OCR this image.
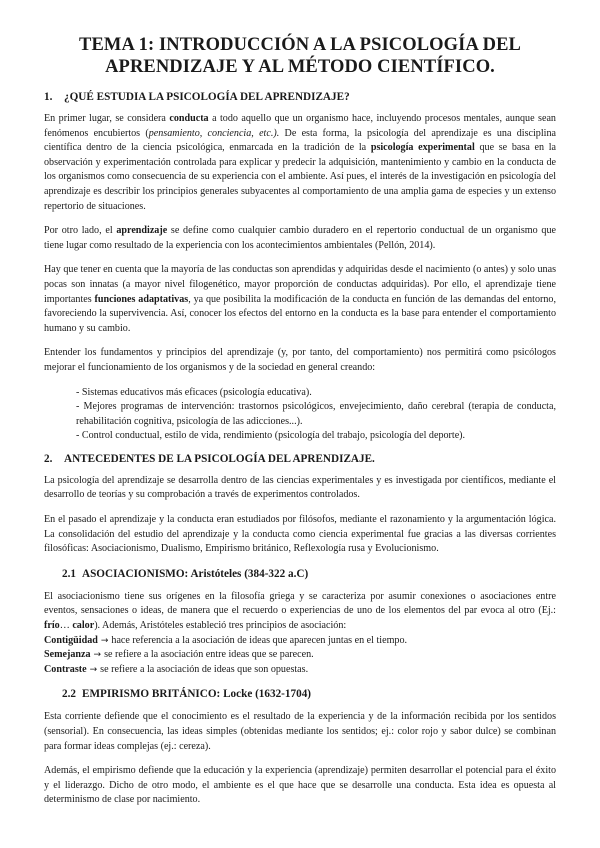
TEMA 1: INTRODUCCIÓN A LA PSICOLOGÍA DEL
APRENDIZAJE Y AL MÉTODO CIENTÍFICO.
1. ¿QUÉ ESTUDIA LA PSICOLOGÍA DEL APRENDIZAJE?

En primer lugar, se considera conducta a todo aquello que un organismo hace, incluyendo procesos mentales, aunque sean fenómenos encubiertos (pensamiento, conciencia, etc.). De esta forma, la psicología del aprendizaje es una disciplina científica dentro de la ciencia psicológica, enmarcada en la tradición de la psicología experimental que se basa en la observación y experimentación controlada para explicar y predecir la adquisición, mantenimiento y cambio en la conducta de los organismos como consecuencia de su experiencia con el ambiente. Así pues, el interés de la investigación en psicología del aprendizaje es describir los principios generales subyacentes al comportamiento de una amplia gama de especies y un extenso repertorio de situaciones.

Por otro lado, el aprendizaje se define como cualquier cambio duradero en el repertorio conductual de un organismo que tiene lugar como resultado de la experiencia con los acontecimientos ambientales (Pellón, 2014).

Hay que tener en cuenta que la mayoría de las conductas son aprendidas y adquiridas desde el nacimiento (o antes) y solo unas pocas son innatas (a mayor nivel filogenético, mayor proporción de conductas adquiridas). Por ello, el aprendizaje tiene importantes funciones adaptativas, ya que posibilita la modificación de la conducta en función de las demandas del entorno, favoreciendo la supervivencia. Así, conocer los efectos del entorno en la conducta es la base para entender el comportamiento humano y su cambio.

Entender los fundamentos y principios del aprendizaje (y, por tanto, del comportamiento) nos permitirá como psicólogos mejorar el funcionamiento de los organismos y de la sociedad en general creando:

- Sistemas educativos más eficaces (psicología educativa).
- Mejores programas de intervención: trastornos psicológicos, envejecimiento, daño cerebral (terapia de conducta, rehabilitación cognitiva, psicología de las adicciones...).
- Control conductual, estilo de vida, rendimiento (psicología del trabajo, psicología del deporte).
2. ANTECEDENTES DE LA PSICOLOGÍA DEL APRENDIZAJE.

La psicología del aprendizaje se desarrolla dentro de las ciencias experimentales y es investigada por científicos, mediante el desarrollo de teorías y su comprobación a través de experimentos controlados.

En el pasado el aprendizaje y la conducta eran estudiados por filósofos, mediante el razonamiento y la argumentación lógica. La consolidación del estudio del aprendizaje y la conducta como ciencia experimental fue gracias a las diversas corrientes filosóficas: Asociacionismo, Dualismo, Empirismo británico, Reflexología rusa y Evolucionismo.

2.1 ASOCIACIONISMO: Aristóteles (384-322 a.C)

El asociacionismo tiene sus orígenes en la filosofía griega y se caracteriza por asumir conexiones o asociaciones entre eventos, sensaciones o ideas, de manera que el recuerdo o experiencias de uno de los elementos del par evoca al otro (Ej.: frío… calor). Además, Aristóteles estableció tres principios de asociación:

Contigüidad → hace referencia a la asociación de ideas que aparecen juntas en el tiempo.
Semejanza → se refiere a la asociación entre ideas que se parecen.
Contraste → se refiere a la asociación de ideas que son opuestas.
2.2 EMPIRISMO BRITÁNICO: Locke (1632-1704)

Esta corriente defiende que el conocimiento es el resultado de la experiencia y de la información recibida por los sentidos (sensorial). En consecuencia, las ideas simples (obtenidas mediante los sentidos; ej.: color rojo y sabor dulce) se combinan para formar ideas complejas (ej.: cereza).

Además, el empirismo defiende que la educación y la experiencia (aprendizaje) permiten desarrollar el potencial para el éxito y el liderazgo. Dicho de otro modo, el ambiente es el que hace que se desarrolle una conducta. Esta idea es opuesta al determinismo de clase por nacimiento.
